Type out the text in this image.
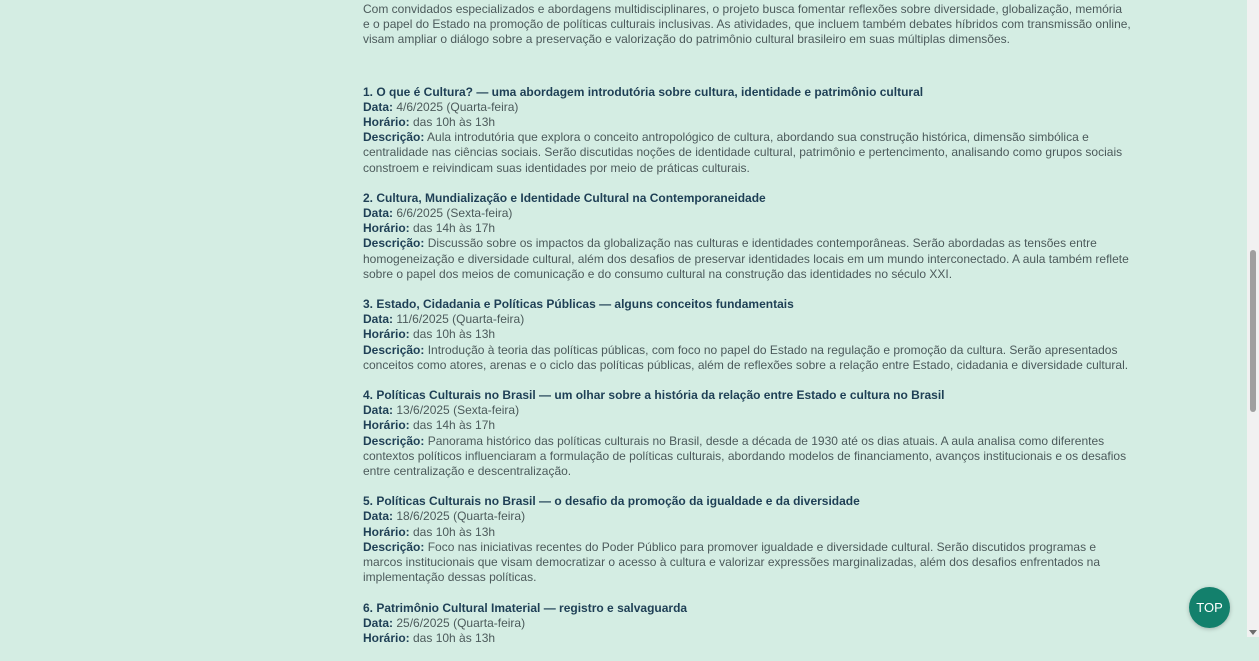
Com convidados especializados e abordagens multidisciplinares, o projeto busca fomentar reflexões sobre diversidade, globalização, memória e o papel do Estado na promoção de políticas culturais inclusivas. As atividades, que incluem também debates híbridos com transmissão online, visam ampliar o diálogo sobre a preservação e valorização do patrimônio cultural brasileiro em suas múltiplas dimensões.

1. O que é Cultura? — uma abordagem introdutória sobre cultura, identidade e patrimônio cultural

Data: 4/6/2025 (Quarta-feira)

Horário: das 10h às 13h

Descrição: Aula introdutória que explora o conceito antropológico de cultura, abordando sua construção histórica, dimensão simbólica e centralidade nas ciências sociais. Serão discutidas noções de identidade cultural, patrimônio e pertencimento, analisando como grupos sociais constroem e reivindicam suas identidades por meio de práticas culturais.

2. Cultura, Mundialização e Identidade Cultural na Contemporaneidade

Data: 6/6/2025 (Sexta-feira)

Horário: das 14h às 17h

Descrição: Discussão sobre os impactos da globalização nas culturas e identidades contemporâneas. Serão abordadas as tensões entre homogeneização e diversidade cultural, além dos desafios de preservar identidades locais em um mundo interconectado. A aula também reflete sobre o papel dos meios de comunicação e do consumo cultural na construção das identidades no século XXI.

3. Estado, Cidadania e Políticas Públicas — alguns conceitos fundamentais

Data: 11/6/2025 (Quarta-feira)

Horário: das 10h às 13h

Descrição: Introdução à teoria das políticas públicas, com foco no papel do Estado na regulação e promoção da cultura. Serão apresentados conceitos como atores, arenas e o ciclo das políticas públicas, além de reflexões sobre a relação entre Estado, cidadania e diversidade cultural.

4. Políticas Culturais no Brasil — um olhar sobre a história da relação entre Estado e cultura no Brasil

Data: 13/6/2025 (Sexta-feira)

Horário: das 14h às 17h

Descrição: Panorama histórico das políticas culturais no Brasil, desde a década de 1930 até os dias atuais. A aula analisa como diferentes contextos políticos influenciaram a formulação de políticas culturais, abordando modelos de financiamento, avanços institucionais e os desafios entre centralização e descentralização.

5. Políticas Culturais no Brasil — o desafio da promoção da igualdade e da diversidade

Data: 18/6/2025 (Quarta-feira)

Horário: das 10h às 13h

Descrição: Foco nas iniciativas recentes do Poder Público para promover igualdade e diversidade cultural. Serão discutidos programas e marcos institucionais que visam democratizar o acesso à cultura e valorizar expressões marginalizadas, além dos desafios enfrentados na implementação dessas políticas.

6. Patrimônio Cultural Imaterial — registro e salvaguarda

Data: 25/6/2025 (Quarta-feira)

Horário: das 10h às 13h

TOP
